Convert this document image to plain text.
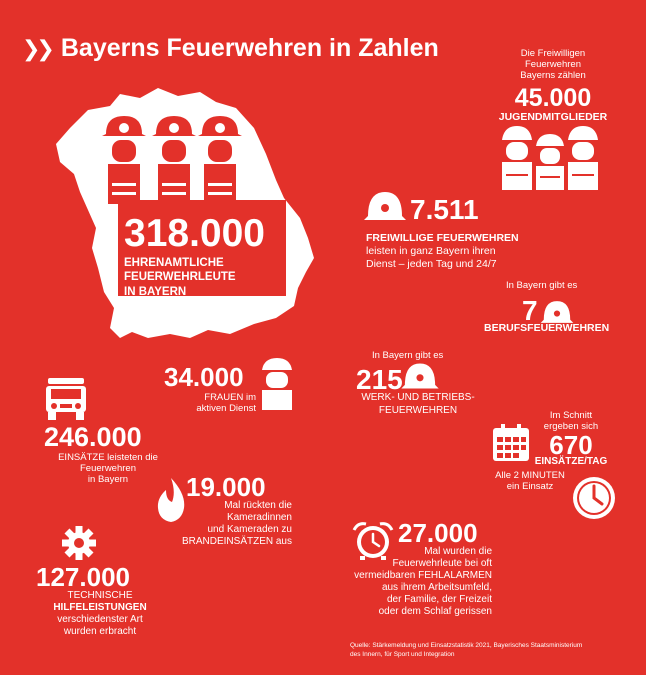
❯❯ Bayerns Feuerwehren in Zahlen
318.000
EHRENAMTLICHE
FEUERWEHRLEUTE
IN BAYERN
Die Freiwilligen
Feuerwehren
Bayerns zählen
45.000
JUGENDMITGLIEDER
7.511
FREIWILLIGE FEUERWEHREN
leisten in ganz Bayern ihren
Dienst – jeden Tag und 24/7
In Bayern gibt es
7
BERUFSFEUERWEHREN
34.000
FRAUEN im
aktiven Dienst
In Bayern gibt es
215
WERK- UND BETRIEBS-
FEUERWEHREN
246.000
EINSÄTZE leisteten die
Feuerwehren
in Bayern
Im Schnitt
ergeben sich
670
EINSÄTZE/TAG
Alle 2 MINUTEN
ein Einsatz
19.000
Mal rückten die
Kameradinnen
und Kameraden zu
BRANDEINSÄTZEN aus	27.000
Mal wurden die
Feuerwehrleute bei oft
vermeidbaren FEHLALARMEN
aus ihrem Arbeitsumfeld,
der Familie, der Freizeit
oder dem Schlaf gerissen
127.000
TECHNISCHE
HILFELEISTUNGEN
verschiedenster Art
wurden erbracht
Quelle: Stärkemeldung und Einsatzstatistik 2021, Bayerisches Staatsministerium
des Innern, für Sport und Integration
